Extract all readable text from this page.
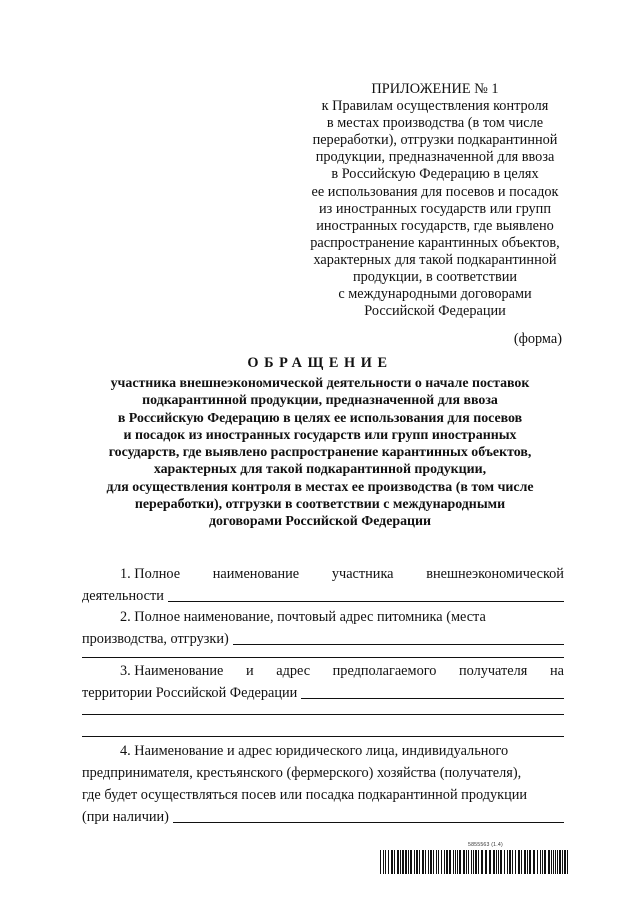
ПРИЛОЖЕНИЕ № 1
к Правилам осуществления контроля
в местах производства (в том числе
переработки), отгрузки подкарантинной
продукции, предназначенной для ввоза
в Российскую Федерацию в целях
ее использования для посевов и посадок
из иностранных государств или групп
иностранных государств, где выявлено
распространение карантинных объектов,
характерных для такой подкарантинной
продукции, в соответствии
с международными договорами
Российской Федерации
(форма)
ОБРАЩЕНИЕ
участника внешнеэкономической деятельности о начале поставок
подкарантинной продукции, предназначенной для ввоза
в Российскую Федерацию в целях ее использования для посевов
и посадок из иностранных государств или групп иностранных
государств, где выявлено распространение карантинных объектов,
характерных для такой подкарантинной продукции,
для осуществления контроля в местах ее производства (в том числе
переработки), отгрузки в соответствии с международными
договорами Российской Федерации
1. Полное наименование участника внешнеэкономической
деятельности
2. Полное наименование, почтовый адрес питомника (места
производства, отгрузки)
3. Наименование и адрес предполагаемого получателя на
территории Российской Федерации
4. Наименование и адрес юридического лица, индивидуального
предпринимателя, крестьянского (фермерского) хозяйства (получателя),
где будет осуществляться посев или посадка подкарантинной продукции
(при наличии)
5855563 (1.4)
